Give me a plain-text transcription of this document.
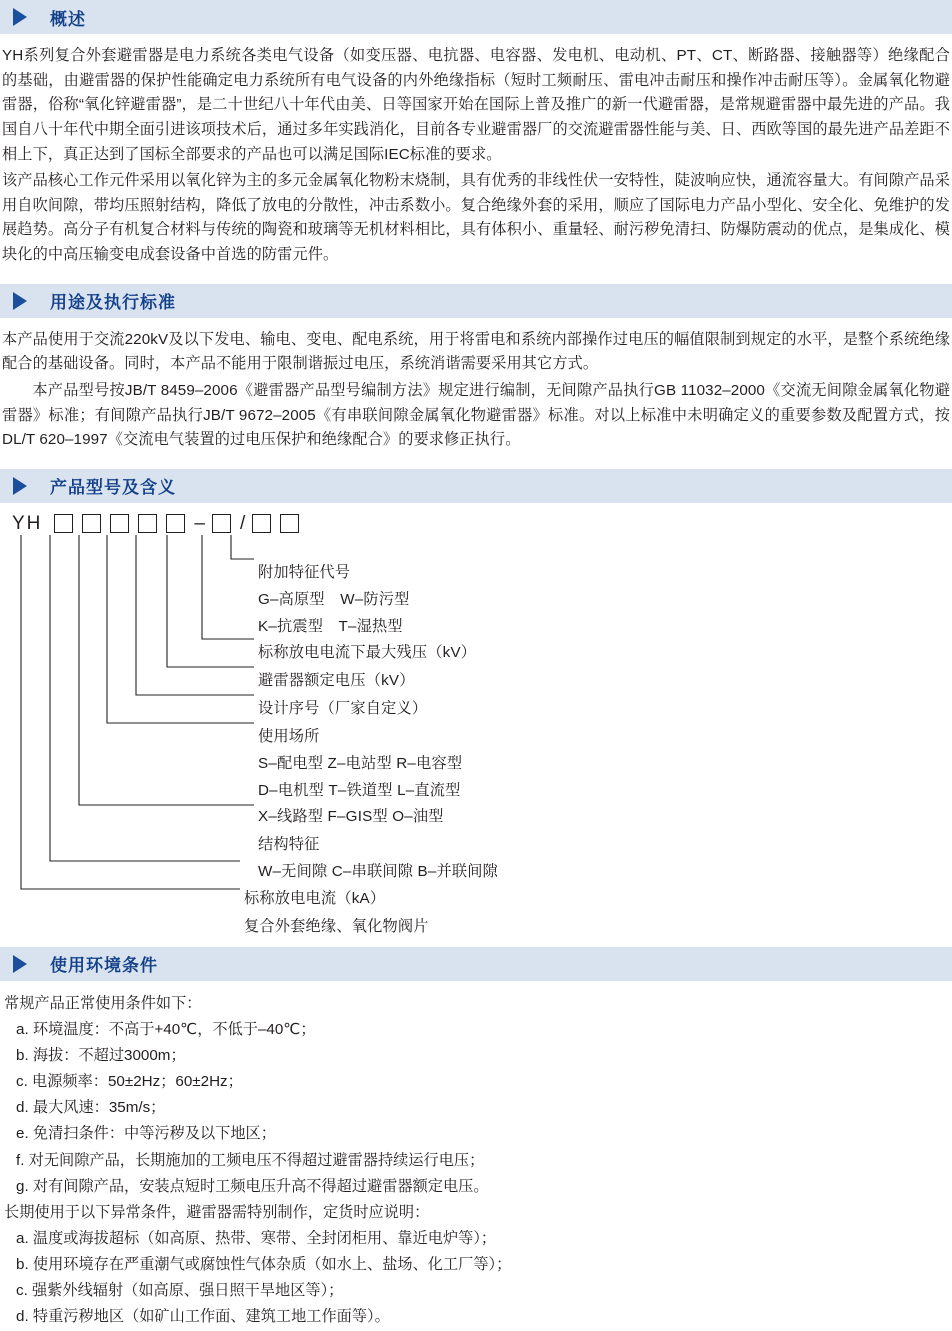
概述

YH系列复合外套避雷器是电力系统各类电气设备（如变压器、电抗器、电容器、发电机、电动机、PT、CT、断路器、接触器等）绝缘配合的基础，由避雷器的保护性能确定电力系统所有电气设备的内外绝缘指标（短时工频耐压、雷电冲击耐压和操作冲击耐压等）。金属氧化物避雷器，俗称“氧化锌避雷器”，是二十世纪八十年代由美、日等国家开始在国际上普及推广的新一代避雷器，是常规避雷器中最先进的产品。我国自八十年代中期全面引进该项技术后，通过多年实践消化，目前各专业避雷器厂的交流避雷器性能与美、日、西欧等国的最先进产品差距不相上下，真正达到了国标全部要求的产品也可以满足国际IEC标准的要求。

该产品核心工作元件采用以氧化锌为主的多元金属氧化物粉末烧制，具有优秀的非线性伏一安特性，陡波响应快，通流容量大。有间隙产品采用自吹间隙，带均压照射结构，降低了放电的分散性，冲击系数小。复合绝缘外套的采用，顺应了国际电力产品小型化、安全化、免维护的发展趋势。高分子有机复合材料与传统的陶瓷和玻璃等无机材料相比，具有体积小、重量轻、耐污秽免清扫、防爆防震动的优点，是集成化、模块化的中高压输变电成套设备中首选的防雷元件。

用途及执行标准

本产品使用于交流220kV及以下发电、输电、变电、配电系统，用于将雷电和系统内部操作过电压的幅值限制到规定的水平，是整个系统绝缘配合的基础设备。同时，本产品不能用于限制谐振过电压，系统消谐需要采用其它方式。

本产品型号按JB/T 8459–2006《避雷器产品型号编制方法》规定进行编制，无间隙产品执行GB 11032–2000《交流无间隙金属氧化物避雷器》标准；有间隙产品执行JB/T 9672–2005《有串联间隙金属氧化物避雷器》标准。对以上标准中未明确定义的重要参数及配置方式，按DL/T 620–1997《交流电气装置的过电压保护和绝缘配合》的要求修正执行。

产品型号及含义
YH	– /
附加特征代号
G–高原型　W–防污型
K–抗震型　T–湿热型
标称放电电流下最大残压（kV）
避雷器额定电压（kV）
设计序号（厂家自定义）
使用场所
S–配电型 Z–电站型 R–电容型
D–电机型 T–铁道型 L–直流型
X–线路型 F–GIS型 O–油型
结构特征
W–无间隙 C–串联间隙 B–并联间隙
标称放电电流（kA）
复合外套绝缘、氧化物阀片
使用环境条件

常规产品正常使用条件如下：

a. 环境温度：不高于+40℃，不低于–40℃；

b. 海拔：不超过3000m；

c. 电源频率：50±2Hz；60±2Hz；

d. 最大风速：35m/s；

e. 免清扫条件：中等污秽及以下地区；

f. 对无间隙产品，长期施加的工频电压不得超过避雷器持续运行电压；

g. 对有间隙产品，安装点短时工频电压升高不得超过避雷器额定电压。

长期使用于以下异常条件，避雷器需特别制作，定货时应说明：

a. 温度或海拔超标（如高原、热带、寒带、全封闭柜用、靠近电炉等）；

b. 使用环境存在严重潮气或腐蚀性气体杂质（如水上、盐场、化工厂等）；

c. 强紫外线辐射（如高原、强日照干旱地区等）；

d. 特重污秽地区（如矿山工作面、建筑工地工作面等）。
